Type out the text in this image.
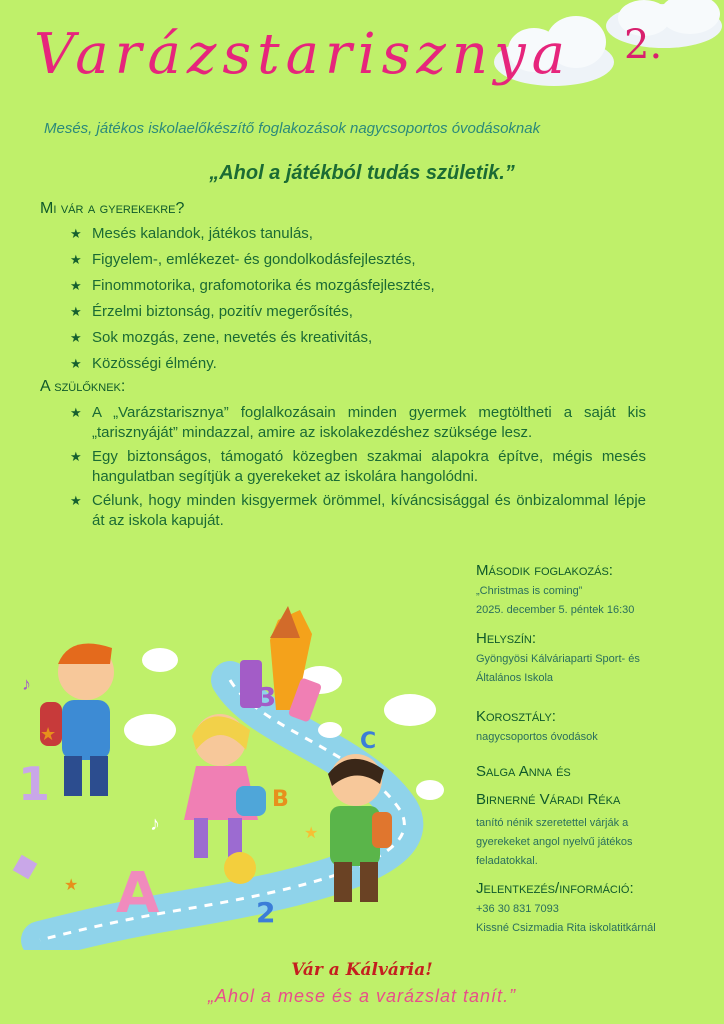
Varázstarisznya 2.
Mesés, játékos iskolaelőkészítő foglakozások nagycsoportos óvodásoknak
„Ahol a játékból tudás születik.”
Mi vár a gyerekekre?
★ Mesés kalandok, játékos tanulás,
★ Figyelem-, emlékezet- és gondolkodásfejlesztés,
★ Finommotorika, grafomotorika és mozgásfejlesztés,
★ Érzelmi biztonság, pozitív megerősítés,
★ Sok mozgás, zene, nevetés és kreativitás,
★ Közösségi élmény.
A szülőknek:
★ A „Varázstarisznya” foglalkozásain minden gyermek megtöltheti a saját kis „tarisznyáját” mindazzal, amire az iskolakezdéshez szüksége lesz.
★ Egy biztonságos, támogató közegben szakmai alapokra építve, mégis mesés hangulatban segítjük a gyerekeket az iskolára hangolódni.
★ Célunk, hogy minden kisgyermek örömmel, kíváncsisággal és önbizalommal lépje át az iskola kapuját.
1
3
C
B
A	2
★
★
★
♪
♪
Második foglakozás:
„Christmas is coming”
2025. december 5. péntek 16:30
Helyszín:
Gyöngyösi Kálváriaparti Sport- és
Általános Iskola
Korosztály:
nagycsoportos óvodások
Salga Anna és
Birnerné Váradi Réka
tanító nénik szeretettel várják a
gyerekeket angol nyelvű játékos
feladatokkal.
Jelentkezés/információ:
+36 30 831 7093
Kissné Csizmadia Rita iskolatitkárnál
Vár a Kálvária!
„Ahol a mese és a varázslat tanít.”
